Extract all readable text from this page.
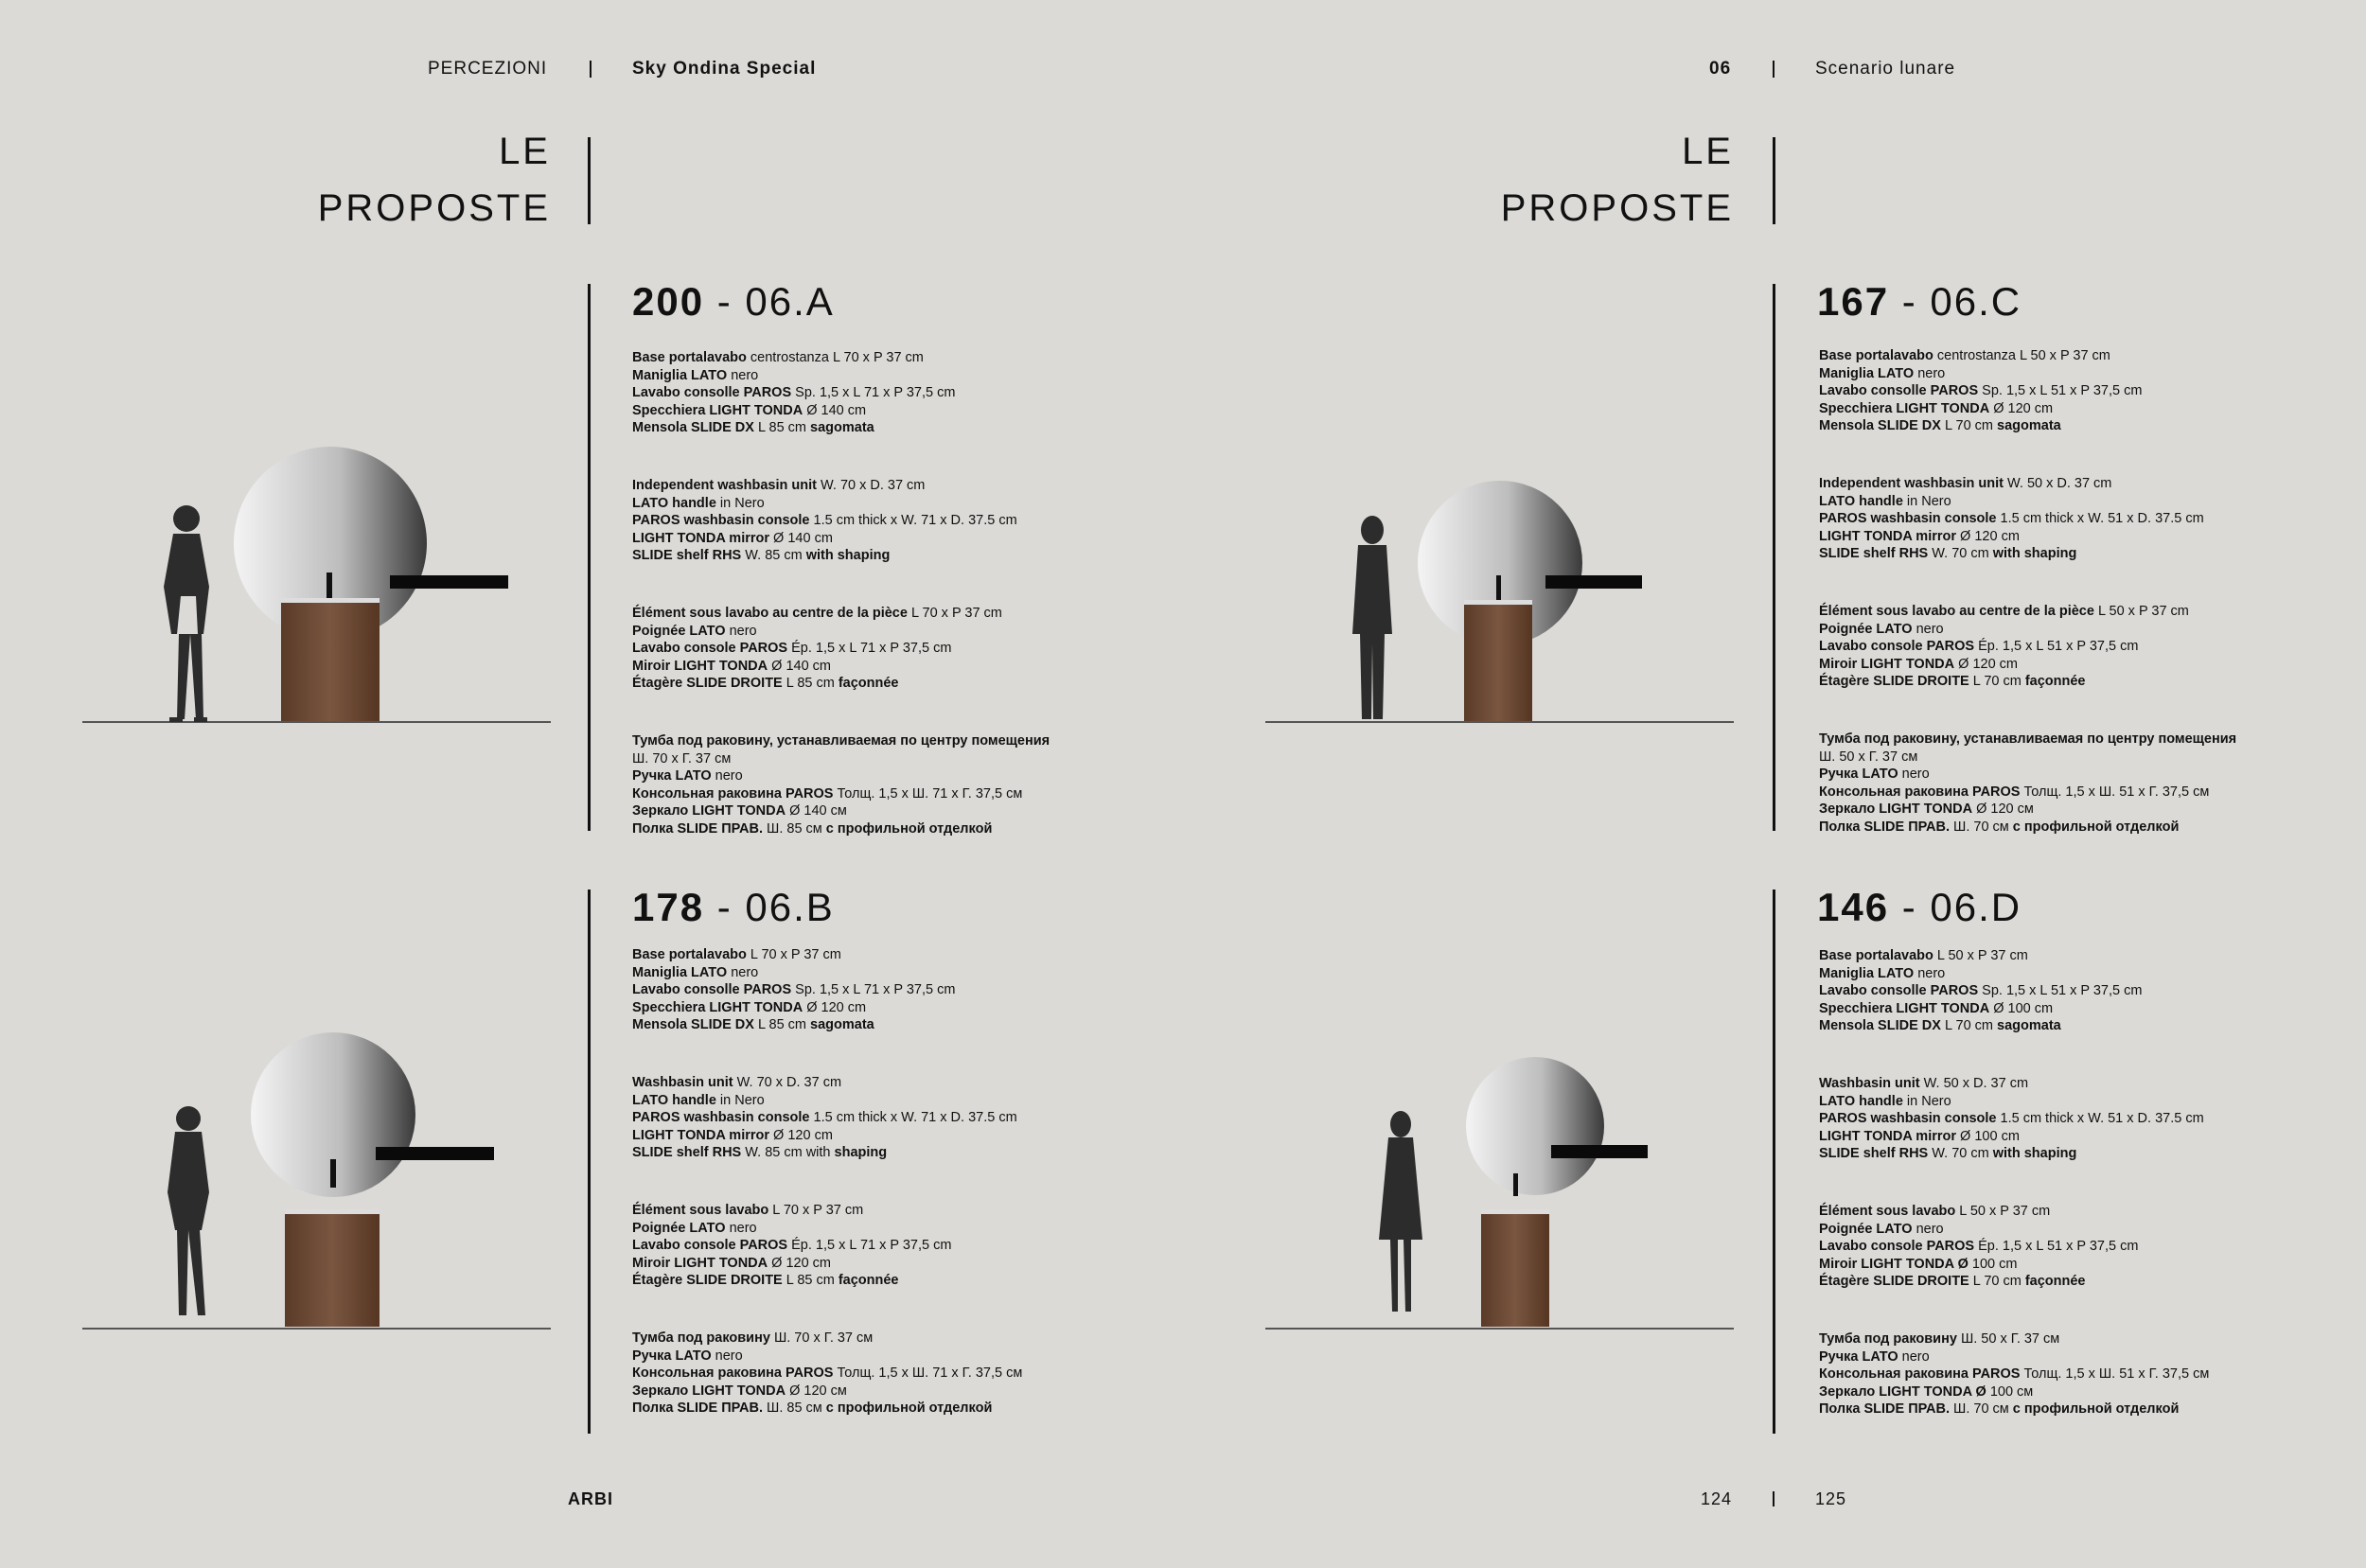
PERCEZIONI	Sky Ondina Special	06	Scenario lunare
LE
PROPOSTE
LE
PROPOSTE
200 - 06.A
178 - 06.B
167 - 06.C
146 - 06.D
Base portalavabo centrostanza L 70 x P 37 cm
Maniglia LATO nero
Lavabo consolle PAROS Sp. 1,5 x L 71 x P 37,5 cm
Specchiera LIGHT TONDA Ø 140 cm
Mensola SLIDE DX L 85 cm sagomata
Independent washbasin unit W. 70 x D. 37 cm
LATO handle in Nero
PAROS washbasin console 1.5 cm thick x W. 71 x D. 37.5 cm
LIGHT TONDA mirror Ø 140 cm
SLIDE shelf RHS W. 85 cm with shaping
Élément sous lavabo au centre de la pièce L 70 x P 37 cm
Poignée LATO nero
Lavabo console PAROS Ép. 1,5 x L 71 x P 37,5 cm
Miroir LIGHT TONDA Ø 140 cm
Étagère SLIDE DROITE L 85 cm façonnée
Тумба под раковину, устанавливаемая по центру помещения
Ш. 70 х Г. 37 см
Ручка LATO nero
Консольная раковина PAROS Толщ. 1,5 х Ш. 71 х Г. 37,5 см
Зеркало LIGHT TONDA Ø 140 см
Полка SLIDE ПРАВ. Ш. 85 см с профильной отделкой
Base portalavabo L 70 x P 37 cm
Maniglia LATO nero
Lavabo consolle PAROS Sp. 1,5 x L 71 x P 37,5 cm
Specchiera LIGHT TONDA Ø 120 cm
Mensola SLIDE DX L 85 cm sagomata
Washbasin unit W. 70 x D. 37 cm
LATO handle in Nero
PAROS washbasin console 1.5 cm thick x W. 71 x D. 37.5 cm
LIGHT TONDA mirror Ø 120 cm
SLIDE shelf RHS W. 85 cm with shaping
Élément sous lavabo L 70 x P 37 cm
Poignée LATO nero
Lavabo console PAROS Ép. 1,5 x L 71 x P 37,5 cm
Miroir LIGHT TONDA Ø 120 cm
Étagère SLIDE DROITE L 85 cm façonnée
Тумба под раковину Ш. 70 х Г. 37 см
Ручка LATO nero
Консольная раковина PAROS Толщ. 1,5 х Ш. 71 х Г. 37,5 см
Зеркало LIGHT TONDA Ø 120 см
Полка SLIDE ПРАВ. Ш. 85 см с профильной отделкой
Base portalavabo centrostanza L 50 x P 37 cm
Maniglia LATO nero
Lavabo consolle PAROS Sp. 1,5 x L 51 x P 37,5 cm
Specchiera LIGHT TONDA Ø 120 cm
Mensola SLIDE DX L 70 cm sagomata
Independent washbasin unit W. 50 x D. 37 cm
LATO handle in Nero
PAROS washbasin console 1.5 cm thick x W. 51 x D. 37.5 cm
LIGHT TONDA mirror Ø 120 cm
SLIDE shelf RHS W. 70 cm with shaping
Élément sous lavabo au centre de la pièce L 50 x P 37 cm
Poignée LATO nero
Lavabo console PAROS Ép. 1,5 x L 51 x P 37,5 cm
Miroir LIGHT TONDA Ø 120 cm
Étagère SLIDE DROITE L 70 cm façonnée
Тумба под раковину, устанавливаемая по центру помещения
Ш. 50 х Г. 37 см
Ручка LATO nero
Консольная раковина PAROS Толщ. 1,5 х Ш. 51 х Г. 37,5 см
Зеркало LIGHT TONDA Ø 120 см
Полка SLIDE ПРАВ. Ш. 70 см с профильной отделкой
Base portalavabo L 50 x P 37 cm
Maniglia LATO nero
Lavabo consolle PAROS Sp. 1,5 x L 51 x P 37,5 cm
Specchiera LIGHT TONDA Ø 100 cm
Mensola SLIDE DX L 70 cm sagomata
Washbasin unit W. 50 x D. 37 cm
LATO handle in Nero
PAROS washbasin console 1.5 cm thick x W. 51 x D. 37.5 cm
LIGHT TONDA mirror Ø 100 cm
SLIDE shelf RHS W. 70 cm with shaping
Élément sous lavabo L 50 x P 37 cm
Poignée LATO nero
Lavabo console PAROS Ép. 1,5 x L 51 x P 37,5 cm
Miroir LIGHT TONDA Ø 100 cm
Étagère SLIDE DROITE L 70 cm façonnée
Тумба под раковину Ш. 50 х Г. 37 см
Ручка LATO nero
Консольная раковина PAROS Толщ. 1,5 х Ш. 51 х Г. 37,5 см
Зеркало LIGHT TONDA Ø 100 см
Полка SLIDE ПРАВ. Ш. 70 см с профильной отделкой
ARBI	124	125
